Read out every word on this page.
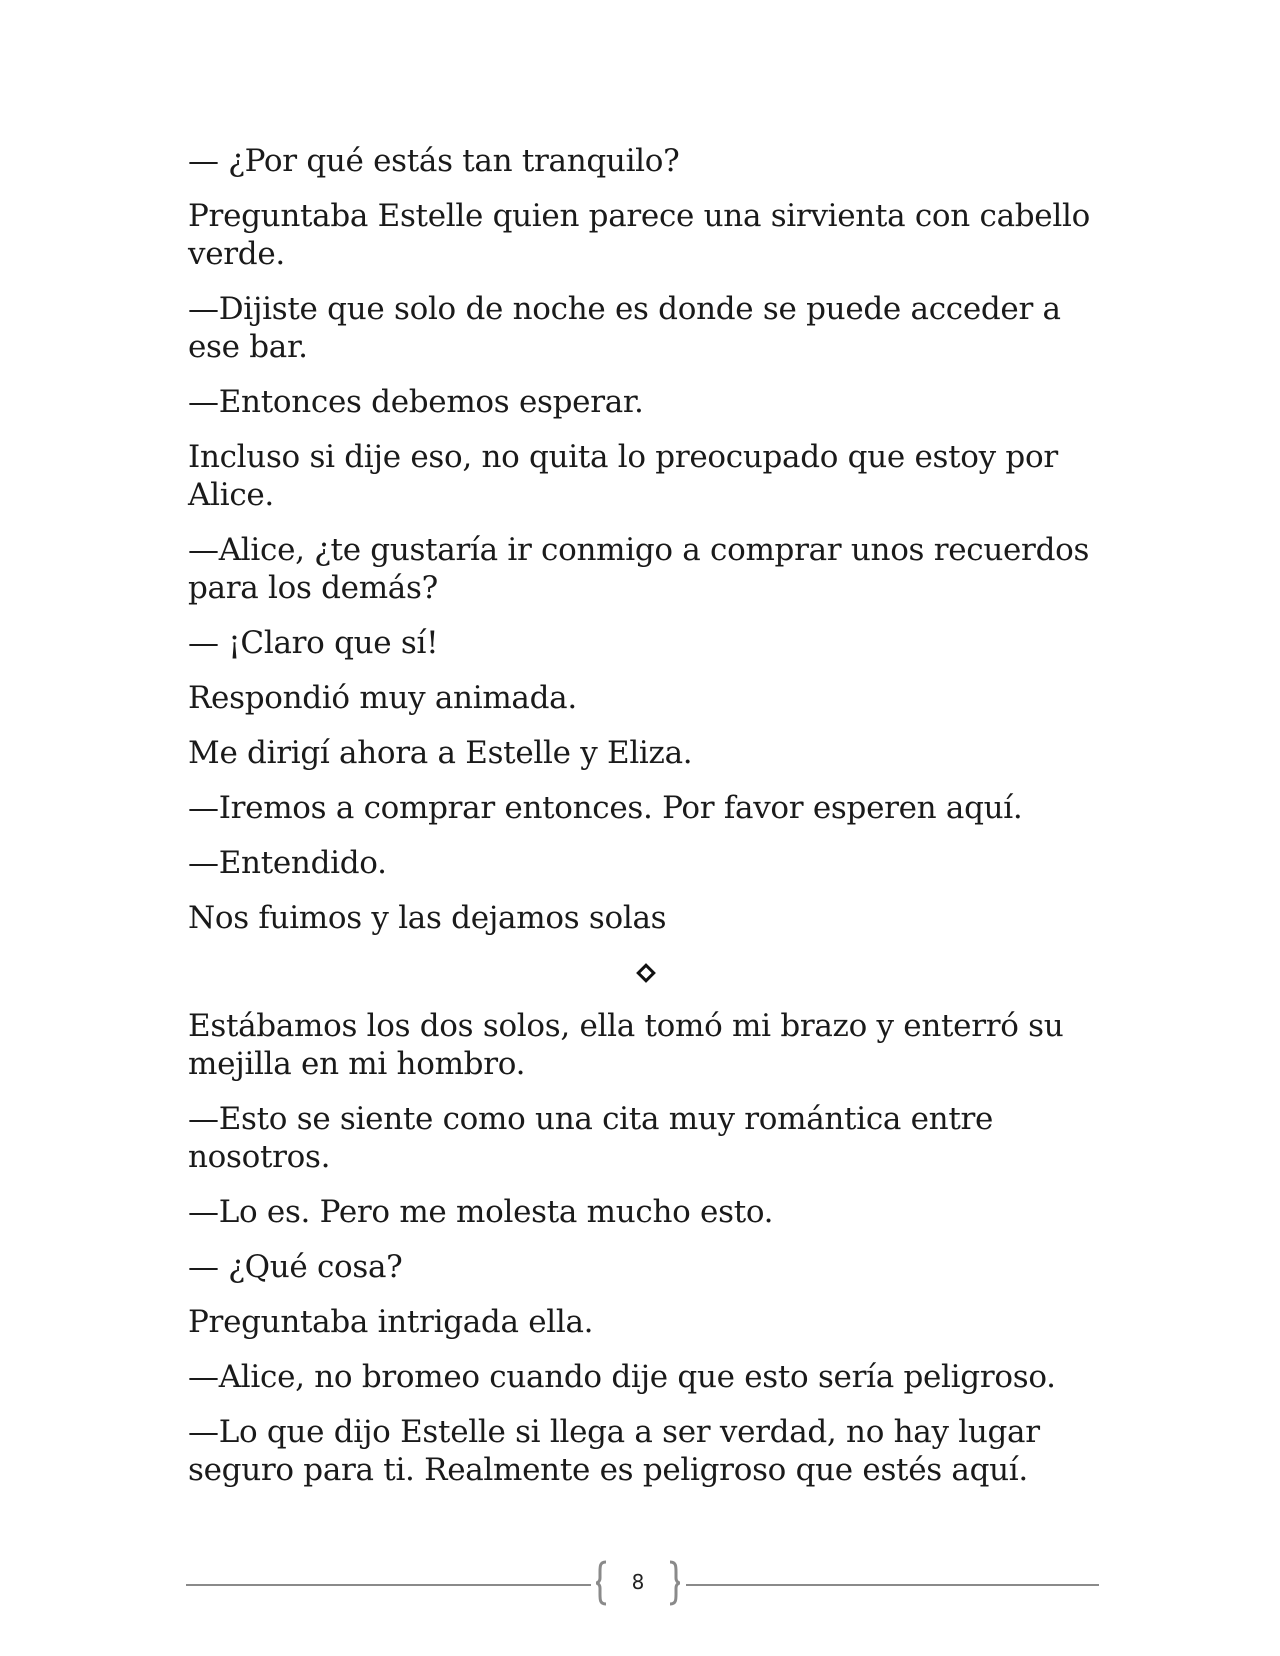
— ¿Por qué estás tan tranquilo?

Preguntaba Estelle quien parece una sirvienta con cabello verde.

—Dijiste que solo de noche es donde se puede acceder a ese bar.

—Entonces debemos esperar.

Incluso si dije eso, no quita lo preocupado que estoy por Alice.

—Alice, ¿te gustaría ir conmigo a comprar unos recuerdos para los demás?

— ¡Claro que sí!

Respondió muy animada.

Me dirigí ahora a Estelle y Eliza.

—Iremos a comprar entonces. Por favor esperen aquí.

—Entendido.

Nos fuimos y las dejamos solas

Estábamos los dos solos, ella tomó mi brazo y enterró su mejilla en mi hombro.

—Esto se siente como una cita muy romántica entre nosotros.

—Lo es. Pero me molesta mucho esto.

— ¿Qué cosa?

Preguntaba intrigada ella.

—Alice, no bromeo cuando dije que esto sería peligroso.

—Lo que dijo Estelle si llega a ser verdad, no hay lugar seguro para ti. Realmente es peligroso que estés aquí.

8
